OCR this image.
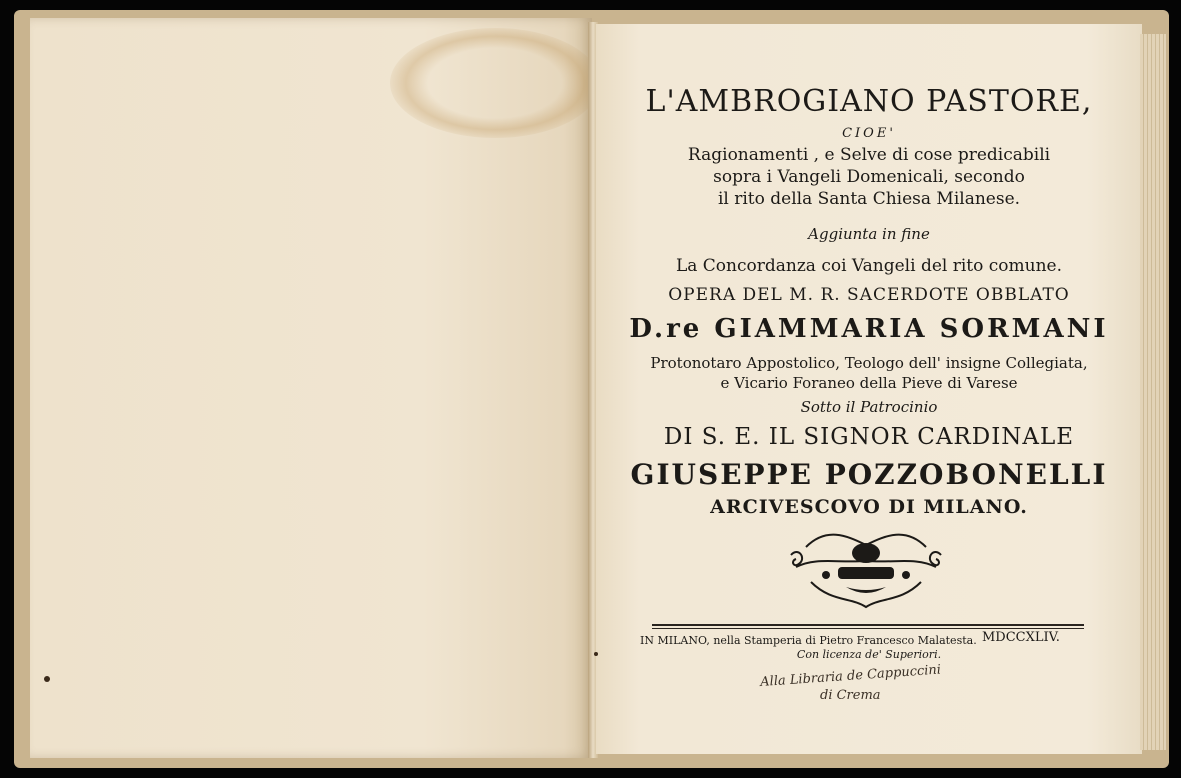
L'AMBROGIANO PASTORE,
CIOE'
Ragionamenti , e Selve di cose predicabili
sopra i Vangeli Domenicali, secondo
il rito della Santa Chiesa Milanese.
Aggiunta in fine
La Concordanza coi Vangeli del rito comune.
OPERA DEL M. R. SACERDOTE OBBLATO
D.re GIAMMARIA SORMANI
Protonotaro Appostolico, Teologo dell' insigne Collegiata,
e Vicario Foraneo della Pieve di Varese
Sotto il Patrocinio
DI S. E. IL SIGNOR CARDINALE
GIUSEPPE POZZOBONELLI
ARCIVESCOVO DI MILANO.
IN MILANO, nella Stamperia di Pietro Francesco Malatesta. MDCCXLIV.
Con licenza de' Superiori.
Alla Libraria de Cappuccini
di Crema
